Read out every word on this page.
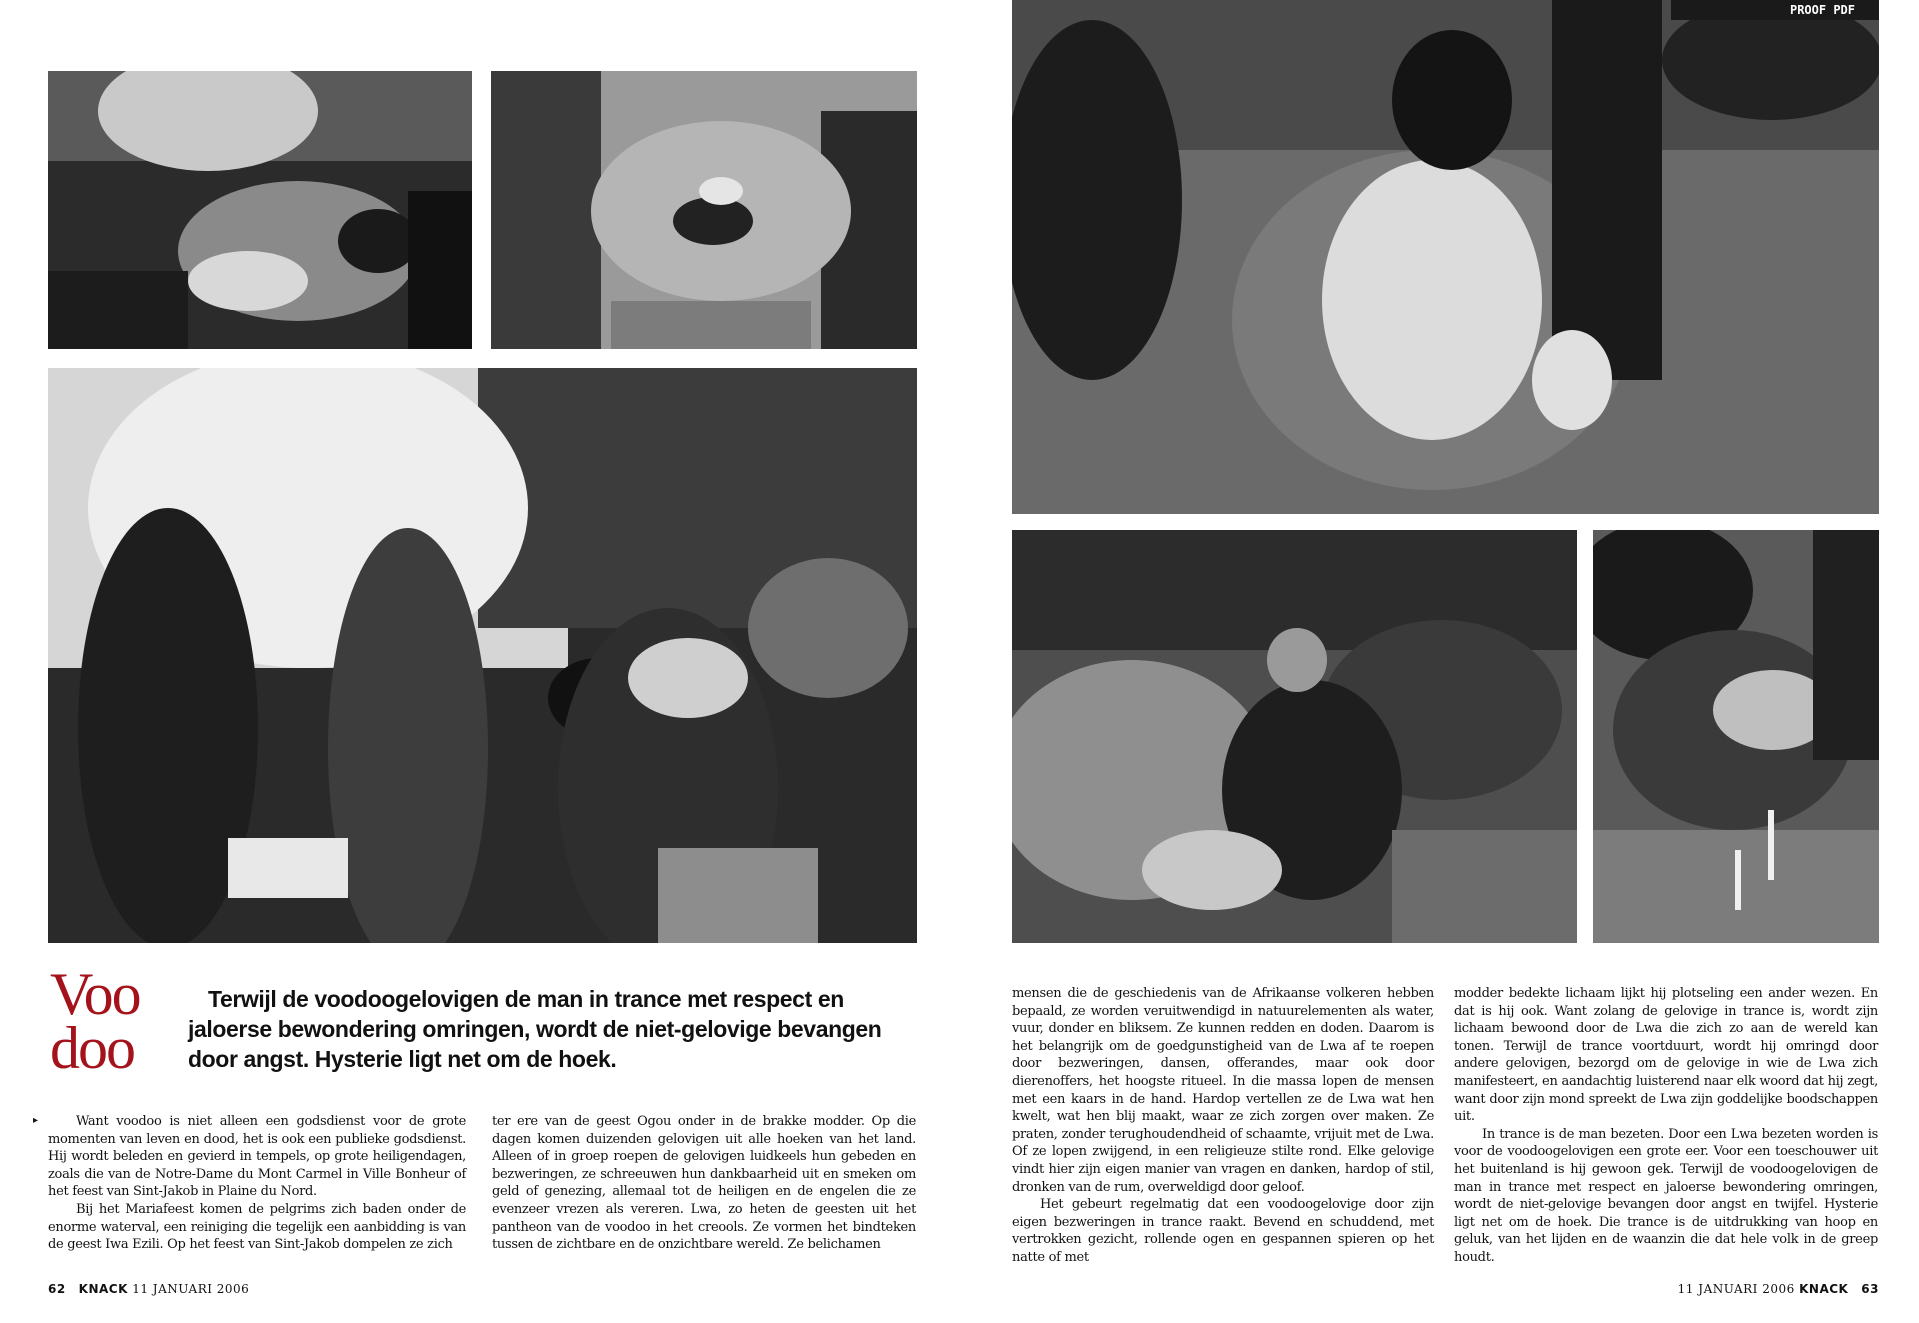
PROOF PDF
Voo
doo
Terwijl de voodoogelovigen de man in trance met respect en jaloerse bewondering omringen, wordt de niet-gelovige bevangen door angst. Hysterie ligt net om de hoek.
▸	Want voodoo is niet alleen een godsdienst voor de grote momenten van leven en dood, het is ook een publieke godsdienst. Hij wordt beleden en gevierd in tempels, op grote heiligendagen, zoals die van de Notre-Dame du Mont Carmel in Ville Bonheur of het feest van Sint-Jakob in Plaine du Nord.

Bij het Mariafeest komen de pelgrims zich baden onder de enorme waterval, een reiniging die tegelijk een aanbidding is van de geest Iwa Ezili. Op het feest van Sint-Jakob dompelen ze zich

ter ere van de geest Ogou onder in de brakke modder. Op die dagen komen duizenden gelovigen uit alle hoeken van het land. Alleen of in groep roepen de gelovigen luidkeels hun gebeden en bezweringen, ze schreeuwen hun dankbaarheid uit en smeken om geld of genezing, allemaal tot de heiligen en de engelen die ze evenzeer vrezen als vereren. Lwa, zo heten de geesten uit het pantheon van de voodoo in het creools. Ze vormen het bindteken tussen de zichtbare en de onzichtbare wereld. Ze belichamen

mensen die de geschiedenis van de Afrikaanse volkeren hebben bepaald, ze worden veruitwendigd in natuurelementen als water, vuur, donder en bliksem. Ze kunnen redden en doden. Daarom is het belangrijk om de goedgunstigheid van de Lwa af te roepen door bezweringen, dansen, offerandes, maar ook door dierenoffers, het hoogste ritueel. In die massa lopen de mensen met een kaars in de hand. Hardop vertellen ze de Lwa wat hen kwelt, wat hen blij maakt, waar ze zich zorgen over maken. Ze praten, zonder terughoudendheid of schaamte, vrijuit met de Lwa. Of ze lopen zwijgend, in een religieuze stilte rond. Elke gelovige vindt hier zijn eigen manier van vragen en danken, hardop of stil, dronken van de rum, overweldigd door geloof.

Het gebeurt regelmatig dat een voodoogelovige door zijn eigen bezweringen in trance raakt. Bevend en schuddend, met vertrokken gezicht, rollende ogen en gespannen spieren op het natte of met

modder bedekte lichaam lijkt hij plotseling een ander wezen. En dat is hij ook. Want zolang de gelovige in trance is, wordt zijn lichaam bewoond door de Lwa die zich zo aan de wereld kan tonen. Terwijl de trance voortduurt, wordt hij omringd door andere gelovigen, bezorgd om de gelovige in wie de Lwa zich manifesteert, en aandachtig luisterend naar elk woord dat hij zegt, want door zijn mond spreekt de Lwa zijn goddelijke boodschappen uit.

In trance is de man bezeten. Door een Lwa bezeten worden is voor de voodoogelovigen een grote eer. Voor een toeschouwer uit het buitenland is hij gewoon gek. Terwijl de voodoogelovigen de man in trance met respect en jaloerse bewondering omringen, wordt de niet-gelovige bevangen door angst en twijfel. Hysterie ligt net om de hoek. Die trance is de uitdrukking van hoop en geluk, van het lijden en de waanzin die dat hele volk in de greep houdt.

62 KNACK 11 JANUARI 2006	11 JANUARI 2006 KNACK 63
